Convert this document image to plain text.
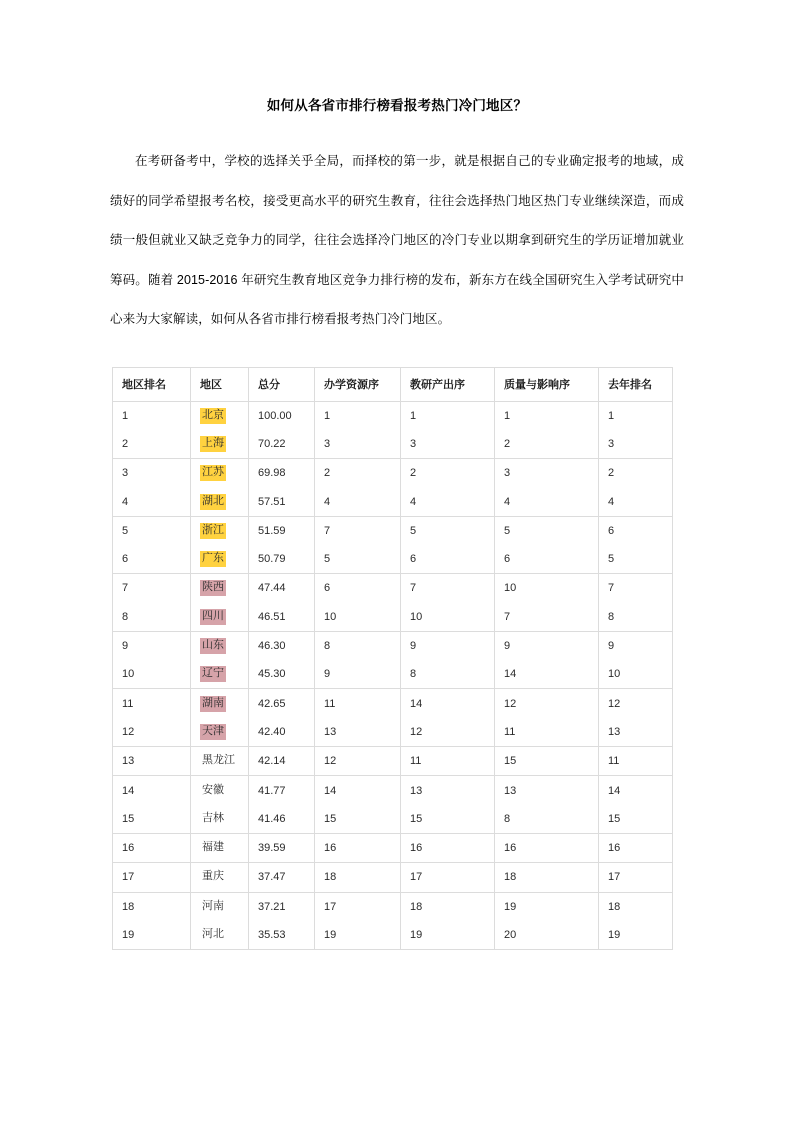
如何从各省市排行榜看报考热门冷门地区？

在考研备考中，学校的选择关乎全局，而择校的第一步，就是根据自己的专业确定报考的地域，成绩好的同学希望报考名校，接受更高水平的研究生教育，往往会选择热门地区热门专业继续深造，而成绩一般但就业又缺乏竞争力的同学，往往会选择冷门地区的冷门专业以期拿到研究生的学历证增加就业筹码。随着 2015-2016 年研究生教育地区竞争力排行榜的发布，新东方在线全国研究生入学考试研究中心来为大家解读，如何从各省市排行榜看报考热门冷门地区。

地区排名	地区	总分	办学资源序	教研产出序	质量与影响序	去年排名
1	北京	100.00	1	1	1	1
2	上海	70.22	3	3	2	3
3	江苏	69.98	2	2	3	2
4	湖北	57.51	4	4	4	4
5	浙江	51.59	7	5	5	6
6	广东	50.79	5	6	6	5
7	陕西	47.44	6	7	10	7
8	四川	46.51	10	10	7	8
9	山东	46.30	8	9	9	9
10	辽宁	45.30	9	8	14	10
11	湖南	42.65	11	14	12	12
12	天津	42.40	13	12	11	13
13	黑龙江	42.14	12	11	15	11
14	安徽	41.77	14	13	13	14
15	吉林	41.46	15	15	8	15
16	福建	39.59	16	16	16	16
17	重庆	37.47	18	17	18	17
18	河南	37.21	17	18	19	18
19	河北	35.53	19	19	20	19
